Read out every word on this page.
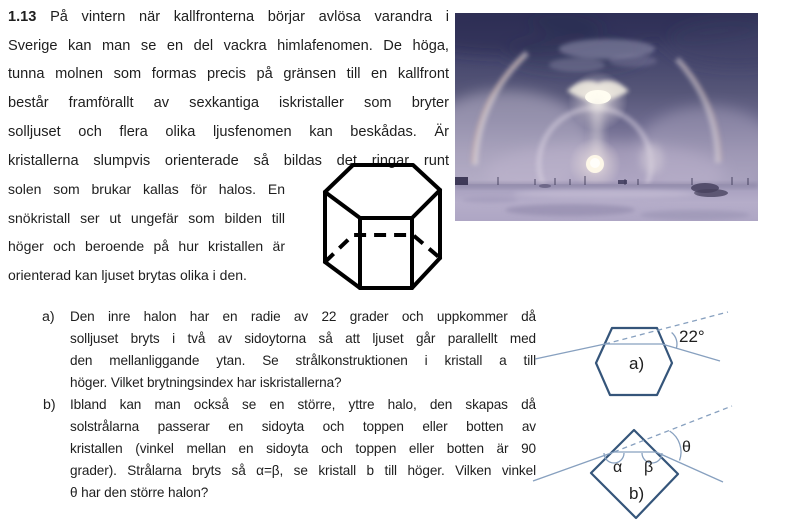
1.13 På vintern när kallfronterna börjar avlösa varandra i
Sverige kan man se en del vackra himlafenomen. De höga,
tunna molnen som formas precis på gränsen till en kallfront
består framförallt av sexkantiga iskristaller som bryter
solljuset och flera olika ljusfenomen kan beskådas. Är
kristallerna slumpvis orienterade så bildas det ringar runt
solen som brukar kallas för halos. En
snökristall ser ut ungefär som bilden till
höger och beroende på hur kristallen är
orienterad kan ljuset brytas olika i den.
a)
b)
Den inre halon har en radie av 22 grader och uppkommer då
solljuset bryts i två av sidoytorna så att ljuset går parallellt med
den mellanliggande ytan. Se strålkonstruktionen i kristall a till
höger. Vilket brytningsindex har iskristallerna?
Ibland kan man också se en större, yttre halo, den skapas då
solstrålarna passerar en sidoyta och toppen eller botten av
kristallen (vinkel mellan en sidoyta och toppen eller botten är 90
grader). Strålarna bryts så α=β, se kristall b till höger. Vilken vinkel
θ har den större halon?
22°
a)
α β
θ
b)
